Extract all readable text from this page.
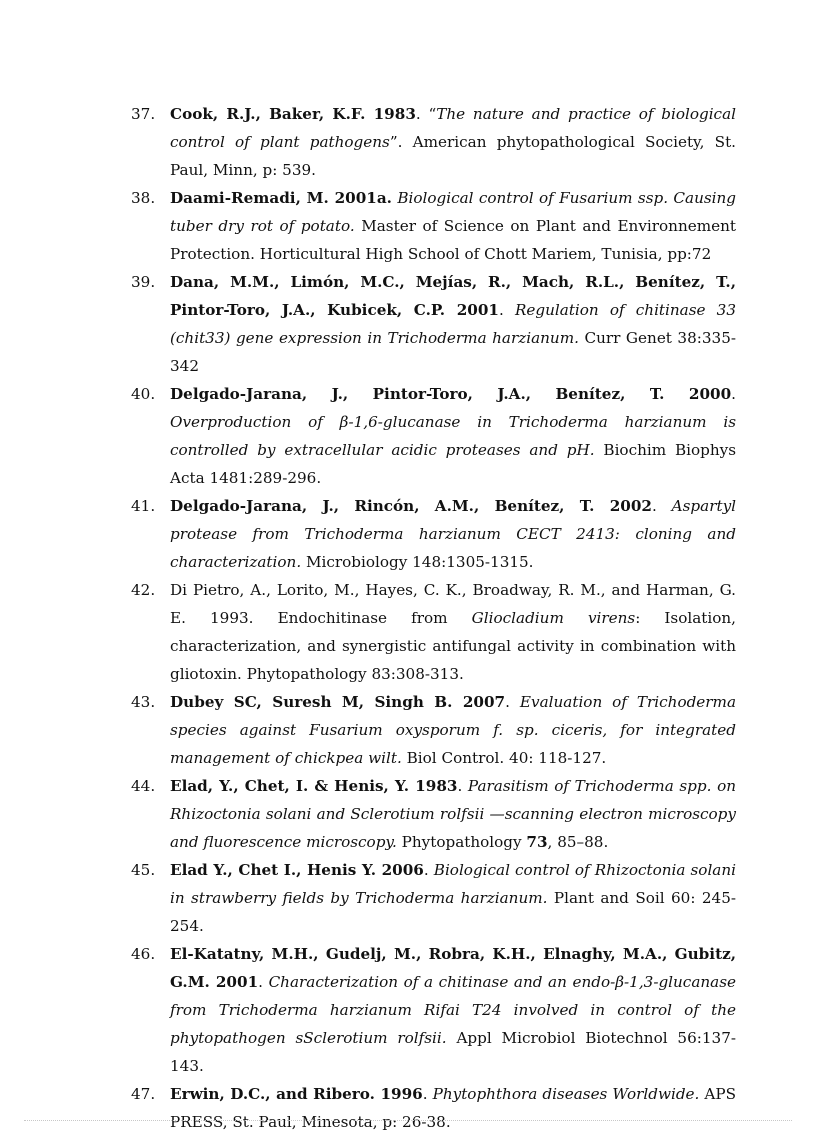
37. Cook, R.J., Baker, K.F. 1983. “The nature and practice of biological control of plant pathogens”. American phytopathological Society, St. Paul, Minn, p: 539.
38. Daami-Remadi, M. 2001a. Biological control of Fusarium ssp. Causing tuber dry rot of potato. Master of Science on Plant and Environnement Protection. Horticultural High School of Chott Mariem, Tunisia, pp:72
39. Dana, M.M., Limón, M.C., Mejías, R., Mach, R.L., Benítez, T., Pintor-Toro, J.A., Kubicek, C.P. 2001. Regulation of chitinase 33 (chit33) gene expression in Trichoderma harzianum. Curr Genet 38:335-342
40. Delgado-Jarana, J., Pintor-Toro, J.A., Benítez, T. 2000. Overproduction of β-1,6-glucanase in Trichoderma harzianum is controlled by extracellular acidic proteases and pH. Biochim Biophys Acta 1481:289-296.
41. Delgado-Jarana, J., Rincón, A.M., Benítez, T. 2002. Aspartyl protease from Trichoderma harzianum CECT 2413: cloning and characterization. Microbiology 148:1305-1315.
42. Di Pietro, A., Lorito, M., Hayes, C. K., Broadway, R. M., and Harman, G. E. 1993. Endochitinase from Gliocladium virens: Isolation, characterization, and synergistic antifungal activity in combination with gliotoxin. Phytopathology 83:308-313.
43. Dubey SC, Suresh M, Singh B. 2007. Evaluation of Trichoderma species against Fusarium oxysporum f. sp. ciceris, for integrated management of chickpea wilt. Biol Control. 40: 118-127.
44. Elad, Y., Chet, I. & Henis, Y. 1983. Parasitism of Trichoderma spp. on Rhizoctonia solani and Sclerotium rolfsii —scanning electron microscopy and fluorescence microscopy. Phytopathology 73, 85–88.
45. Elad Y., Chet I., Henis Y. 2006. Biological control of Rhizoctonia solani in strawberry fields by Trichoderma harzianum. Plant and Soil 60: 245-254.
46. El-Katatny, M.H., Gudelj, M., Robra, K.H., Elnaghy, M.A., Gubitz, G.M. 2001. Characterization of a chitinase and an endo-β-1,3-glucanase from Trichoderma harzianum Rifai T24 involved in control of the phytopathogen sSclerotium rolfsii. Appl Microbiol Biotechnol 56:137-143.
47. Erwin, D.C., and Ribero. 1996. Phytophthora diseases Worldwide. APS PRESS, St. Paul, Minesota, p: 26-38.
